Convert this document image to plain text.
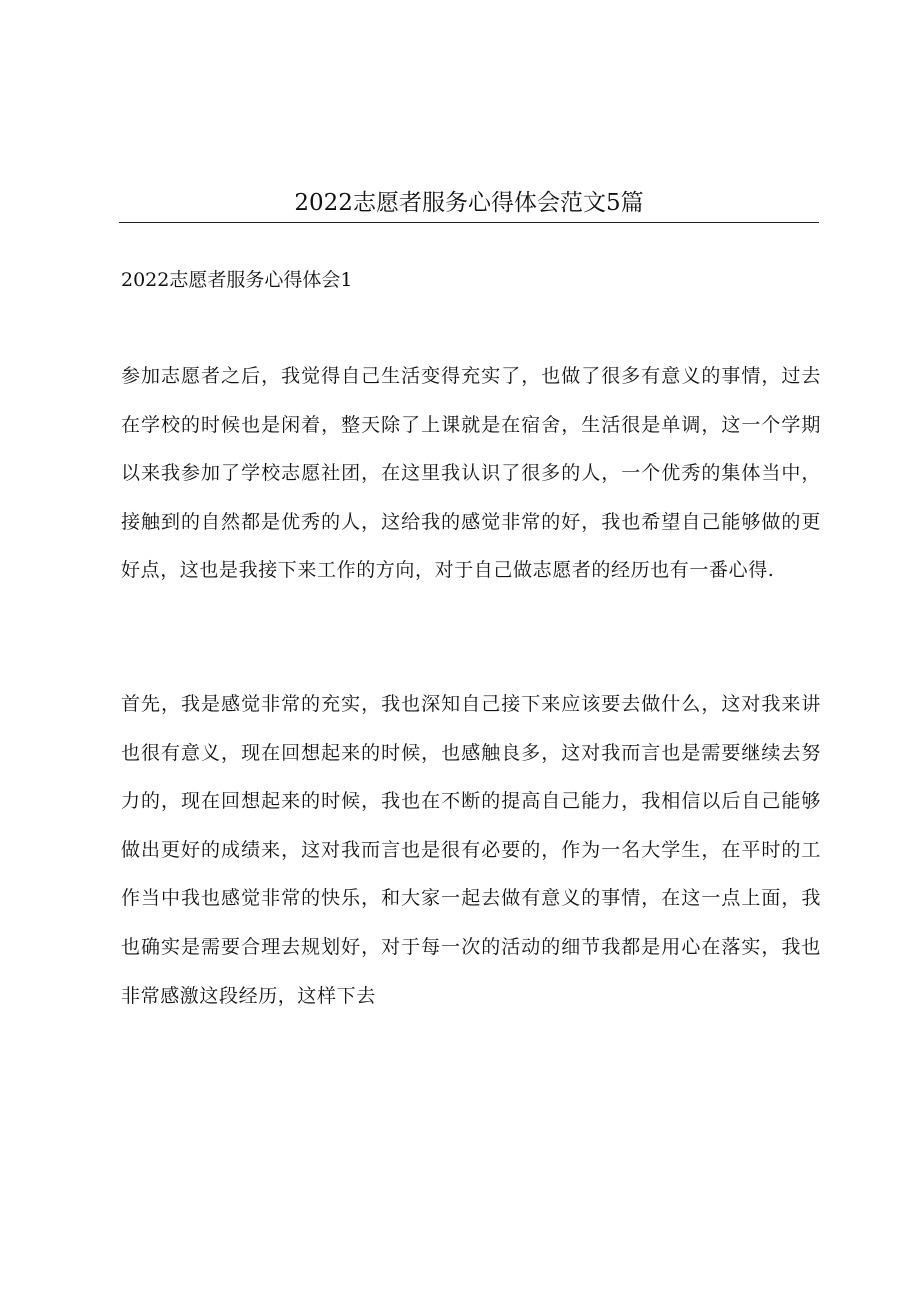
2022志愿者服务心得体会范文5篇
2022志愿者服务心得体会1
参加志愿者之后，我觉得自己生活变得充实了，也做了很多有意义的事情，过去在学校的时候也是闲着，整天除了上课就是在宿舍，生活很是单调，这一个学期以来我参加了学校志愿社团，在这里我认识了很多的人，一个优秀的集体当中，接触到的自然都是优秀的人，这给我的感觉非常的好，我也希望自己能够做的更好点，这也是我接下来工作的方向，对于自己做志愿者的经历也有一番心得.
首先，我是感觉非常的充实，我也深知自己接下来应该要去做什么，这对我来讲也很有意义，现在回想起来的时候，也感触良多，这对我而言也是需要继续去努力的，现在回想起来的时候，我也在不断的提高自己能力，我相信以后自己能够做出更好的成绩来，这对我而言也是很有必要的，作为一名大学生，在平时的工作当中我也感觉非常的快乐，和大家一起去做有意义的事情，在这一点上面，我也确实是需要合理去规划好，对于每一次的活动的细节我都是用心在落实，我也非常感激这段经历，这样下去
